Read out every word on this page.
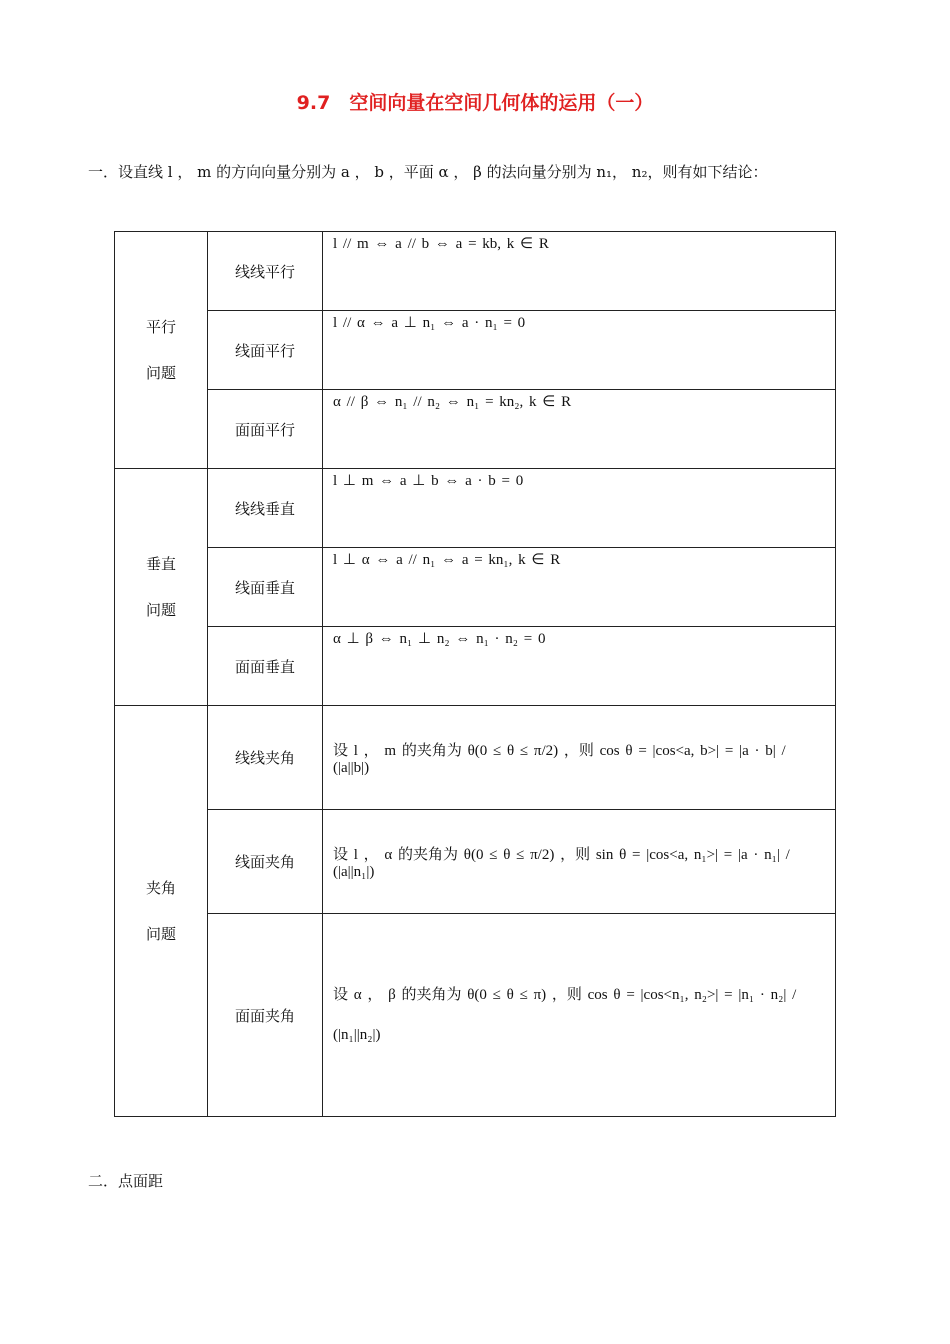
9.7　空间向量在空间几何体的运用（一）
一．设直线 l ， m 的方向向量分别为 a ， b ，平面 α ， β 的法向量分别为 n₁， n₂，则有如下结论：
平行
问题	线线平行	l // m ⇔ a // b ⇔ a = kb, k ∈ R
	线面平行	l // α ⇔ a ⊥ n₁ ⇔ a · n₁ = 0
	面面平行	α // β ⇔ n₁ // n₂ ⇔ n₁ = kn₂, k ∈ R

垂直
问题	线线垂直	l ⊥ m ⇔ a ⊥ b ⇔ a · b = 0
	线面垂直	l ⊥ α ⇔ a // n₁ ⇔ a = kn₁, k ∈ R
	面面垂直	α ⊥ β ⇔ n₁ ⊥ n₂ ⇔ n₁ · n₂ = 0

夹角
问题	线线夹角	设 l ， m 的夹角为 θ(0 ≤ θ ≤ π/2) ，则 cos θ = |cos<a, b>| = |a · b| / (|a||b|)
	线面夹角	设 l ， α 的夹角为 θ(0 ≤ θ ≤ π/2) ，则 sin θ = |cos<a, n₁>| = |a · n₁| / (|a||n₁|)
	面面夹角	设 α ， β 的夹角为 θ(0 ≤ θ ≤ π) ，则 cos θ = |cos<n₁, n₂>| = |n₁ · n₂| / (|n₁||n₂|)
二．点面距
